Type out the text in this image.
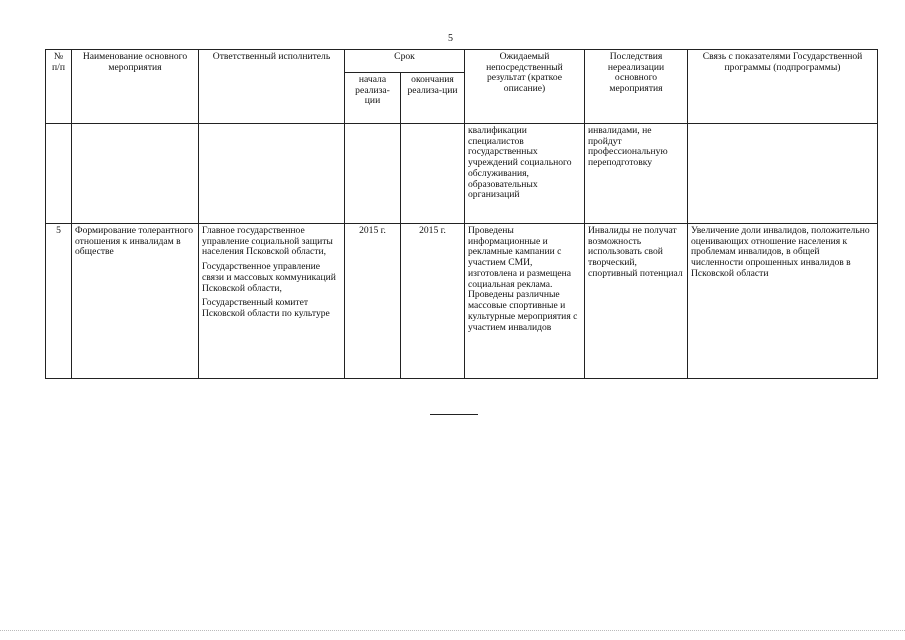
5
№ п/п	Наименование основного мероприятия	Ответственный исполнитель	Срок		Ожидаемый непосредственный результат (краткое описание)	Последствия нереализации основного мероприятия	Связь с показателями Государственной программы (подпрограммы)
			начала реализа-ции	окончания реализа-ции			
					квалификации специалистов государственных учреждений социального обслуживания, образовательных организаций	инвалидами, не пройдут профессиональную переподготовку	
5	Формирование толерантного отношения к инвалидам в обществе	Главное государственное управление социальной защиты населения Псковской области,
Государственное управление связи и массовых коммуникаций Псковской области,
Государственный комитет Псковской области по культуре	2015 г.	2015 г.	Проведены информационные и рекламные кампании с участием СМИ, изготовлена и размещена социальная реклама. Проведены различные массовые спортивные и культурные мероприятия с участием инвалидов	Инвалиды не получат возможность использовать свой творческий, спортивный потенциал	Увеличение доли инвалидов, положительно оценивающих отношение населения к проблемам инвалидов, в общей численности опрошенных инвалидов в Псковской области
